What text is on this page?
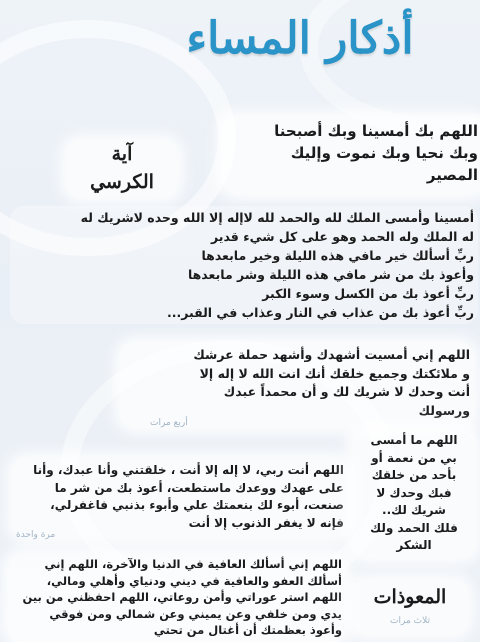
أذكار المساء
اللهم بك أمسينا وبك أصبحنا
وبك نحيا وبك نموت وإليك
المصير
آية
الكرسي
أمسينا وأمسى الملك لله والحمد لله لاإله إلا الله وحده لاشريك له
له الملك وله الحمد وهو على كل شيء قدير
ربِّ أسألك خير مافي هذه الليلة وخير مابعدها
وأعوذ بك من شر مافي هذه الليلة وشر مابعدها
ربِّ أعوذ بك من الكسل وسوء الكبر
ربِّ أعوذ بك من عذاب في النار وعذاب في القبر...
اللهم إني أمسيت أشهدك وأشهد حملة عرشك
و ملائكتك وجميع خلقك أنك انت الله لا إله إلا
أنت وحدك لا شريك لك و أن محمداً عبدك
ورسولك
أربع مرات
اللهم أنت ربي، لا إله إلا أنت ، خلقتني وأنا عبدك، وأنا
على عهدك ووعدك ماستطعت، أعوذ بك من شر ما
صنعت، أبوء لك بنعمتك علي وأبوء بذنبي فاغفرلي،
فإنه لا يغفر الذنوب إلا أنت
مرة واحدة
اللهم ما أمسى
بي من نعمة أو
بأحد من خلقك
فبك وحدك لا
شريك لك..
فلك الحمد ولك
الشكر
اللهم إني أسألك العافية في الدنيا والآخرة، اللهم إني
أسألك العفو والعافية في ديني ودنياي وأهلي ومالي،
اللهم استر عوراتي وأمن روعاتي، اللهم احفظني من بين
يدي ومن خلفي وعن يميني وعن شمالي ومن فوقي
وأعوذ بعظمتك أن أغتال من تحتي
المعوذات
ثلاث مرات
